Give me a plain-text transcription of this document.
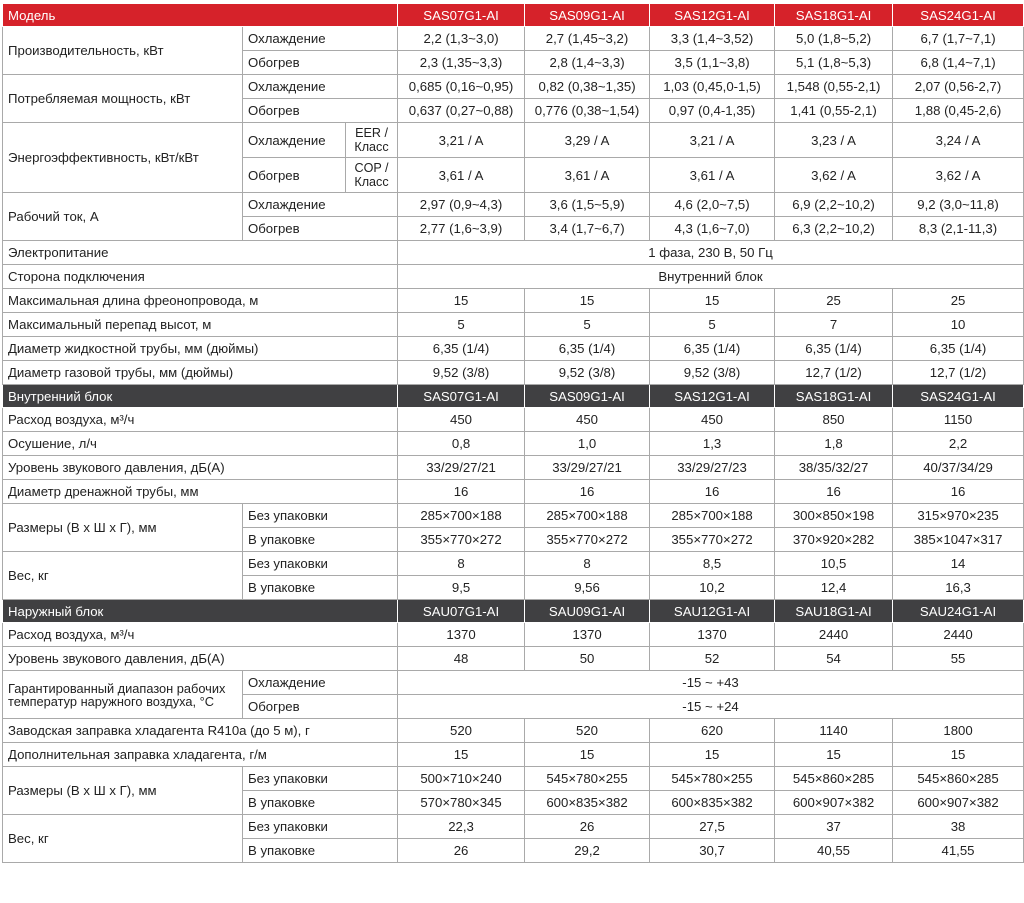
Модель			SAS07G1-AI	SAS09G1-AI	SAS12G1-AI	SAS18G1-AI	SAS24G1-AI
Производительность, кВт	Охлаждение		2,2 (1,3~3,0)	2,7 (1,45~3,2)	3,3 (1,4~3,52)	5,0 (1,8~5,2)	6,7 (1,7~7,1)
	Обогрев		2,3 (1,35~3,3)	2,8 (1,4~3,3)	3,5 (1,1~3,8)	5,1 (1,8~5,3)	6,8 (1,4~7,1)
Потребляемая мощность, кВт	Охлаждение		0,685 (0,16~0,95)	0,82 (0,38~1,35)	1,03 (0,45,0-1,5)	1,548 (0,55-2,1)	2,07 (0,56-2,7)
	Обогрев		0,637 (0,27~0,88)	0,776 (0,38~1,54)	0,97 (0,4-1,35)	1,41 (0,55-2,1)	1,88 (0,45-2,6)
Энергоэффективность, кВт/кВт	Охлаждение	EER / Класс	3,21 / A	3,29 / A	3,21 / A	3,23 / A	3,24 / A
	Обогрев	COP / Класс	3,61 / A	3,61 / A	3,61 / A	3,62 / A	3,62 / A
Рабочий ток, А	Охлаждение		2,97 (0,9~4,3)	3,6 (1,5~5,9)	4,6 (2,0~7,5)	6,9 (2,2~10,2)	9,2 (3,0~11,8)
	Обогрев		2,77 (1,6~3,9)	3,4 (1,7~6,7)	4,3 (1,6~7,0)	6,3 (2,2~10,2)	8,3 (2,1-11,3)
Электропитание			1 фаза, 230 В, 50 Гц				
Сторона подключения			Внутренний блок				
Максимальная длина фреонопровода, м			15	15	15	25	25
Максимальный перепад высот, м			5	5	5	7	10
Диаметр жидкостной трубы, мм (дюймы)			6,35 (1/4)	6,35 (1/4)	6,35 (1/4)	6,35 (1/4)	6,35 (1/4)
Диаметр газовой трубы, мм (дюймы)			9,52 (3/8)	9,52 (3/8)	9,52 (3/8)	12,7 (1/2)	12,7 (1/2)
Внутренний блок			SAS07G1-AI	SAS09G1-AI	SAS12G1-AI	SAS18G1-AI	SAS24G1-AI
Расход воздуха, м³/ч			450	450	450	850	1150
Осушение, л/ч			0,8	1,0	1,3	1,8	2,2
Уровень звукового давления, дБ(А)			33/29/27/21	33/29/27/21	33/29/27/23	38/35/32/27	40/37/34/29
Диаметр дренажной трубы, мм			16	16	16	16	16
Размеры (В х Ш х Г), мм	Без упаковки		285×700×188	285×700×188	285×700×188	300×850×198	315×970×235
	В упаковке		355×770×272	355×770×272	355×770×272	370×920×282	385×1047×317
Вес, кг	Без упаковки		8	8	8,5	10,5	14
	В упаковке		9,5	9,56	10,2	12,4	16,3
Наружный блок			SAU07G1-AI	SAU09G1-AI	SAU12G1-AI	SAU18G1-AI	SAU24G1-AI
Расход воздуха, м³/ч			1370	1370	1370	2440	2440
Уровень звукового давления, дБ(А)			48	50	52	54	55
Гарантированный диапазон рабочих температур наружного воздуха, °С	Охлаждение		-15 ~ +43				
	Обогрев		-15 ~ +24				
Заводская заправка хладагента R410a (до 5 м), г			520	520	620	1140	1800
Дополнительная заправка хладагента, г/м			15	15	15	15	15
Размеры (В х Ш х Г), мм	Без упаковки		500×710×240	545×780×255	545×780×255	545×860×285	545×860×285
	В упаковке		570×780×345	600×835×382	600×835×382	600×907×382	600×907×382
Вес, кг	Без упаковки		22,3	26	27,5	37	38
	В упаковке		26	29,2	30,7	40,55	41,55
